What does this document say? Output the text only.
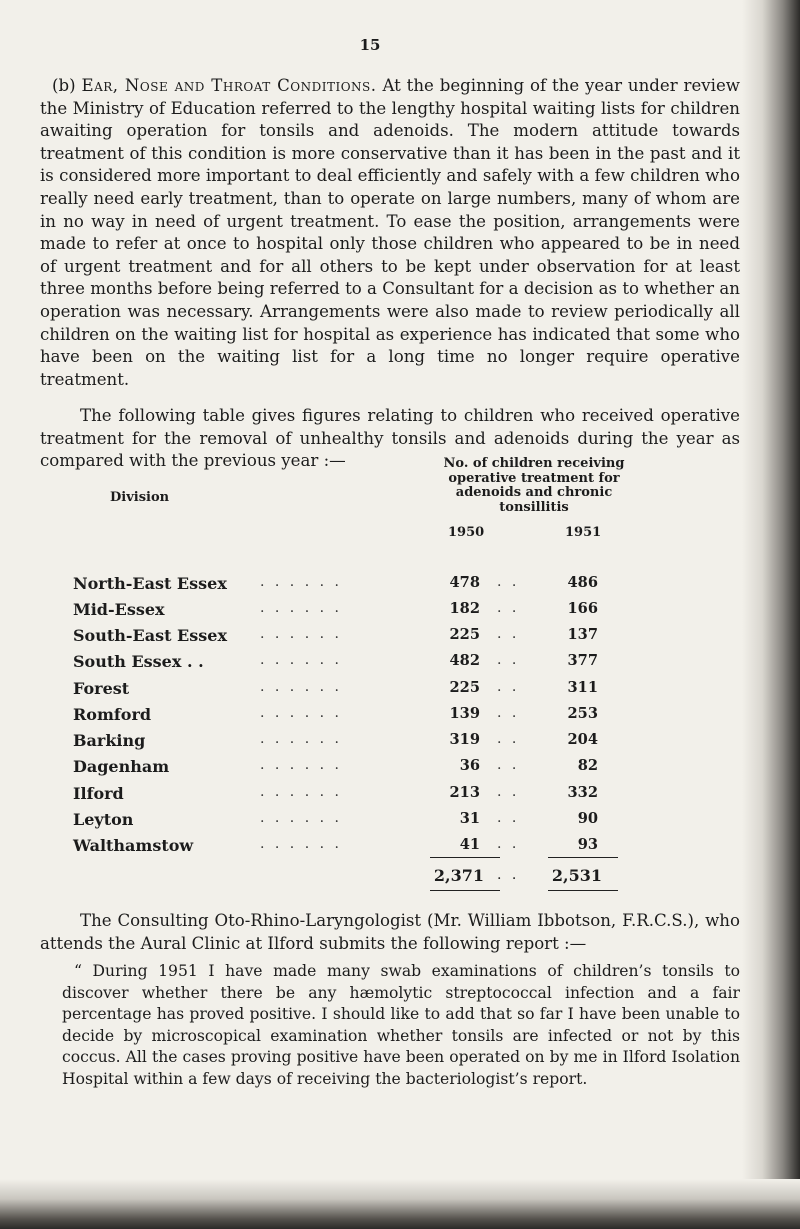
15

(b) Ear, Nose and Throat Conditions. At the beginning of the year under review the Ministry of Education referred to the lengthy hospital waiting lists for children awaiting operation for tonsils and adenoids. The modern attitude towards treatment of this condition is more conservative than it has been in the past and it is considered more important to deal efficiently and safely with a few children who really need early treatment, than to operate on large numbers, many of whom are in no way in need of urgent treatment. To ease the position, arrangements were made to refer at once to hospital only those children who appeared to be in need of urgent treatment and for all others to be kept under observation for at least three months before being referred to a Consultant for a decision as to whether an operation was necessary. Arrangements were also made to review periodically all children on the waiting list for hospital as experience has indicated that some who have been on the waiting list for a long time no longer require operative treatment.

The following table gives figures relating to children who received operative treatment for the removal of unhealthy tonsils and adenoids during the year as compared with the previous year :—

Division
No. of children receiving operative treatment for adenoids and chronic tonsillitis
1950	1951
North-East Essex . . . . . .	478 . .	486
Mid-Essex	. . . . . .	182 . .	166
South-East Essex . . . . . .	225 . .	137
South Essex . .	. . . . . .	482 . .	377
Forest	. . . . . .	225 . .	311
Romford	. . . . . .	139 . .	253
Barking	. . . . . .	319 . .	204
Dagenham	. . . . . .	36 . .	82
Ilford	. . . . . .	213 . .	332
Leyton	. . . . . .	31 . .	90
Walthamstow	. . . . . .	41 . .	93
2,371 . .	2,531

The Consulting Oto-Rhino-Laryngologist (Mr. William Ibbotson, F.R.C.S.), who attends the Aural Clinic at Ilford submits the following report :—

“ During 1951 I have made many swab examinations of children’s tonsils to discover whether there be any hæmolytic streptococcal infection and a fair percentage has proved positive. I should like to add that so far I have been unable to decide by microscopical examination whether tonsils are infected or not by this coccus. All the cases proving positive have been operated on by me in Ilford Isolation Hospital within a few days of receiving the bacteriologist’s report.
